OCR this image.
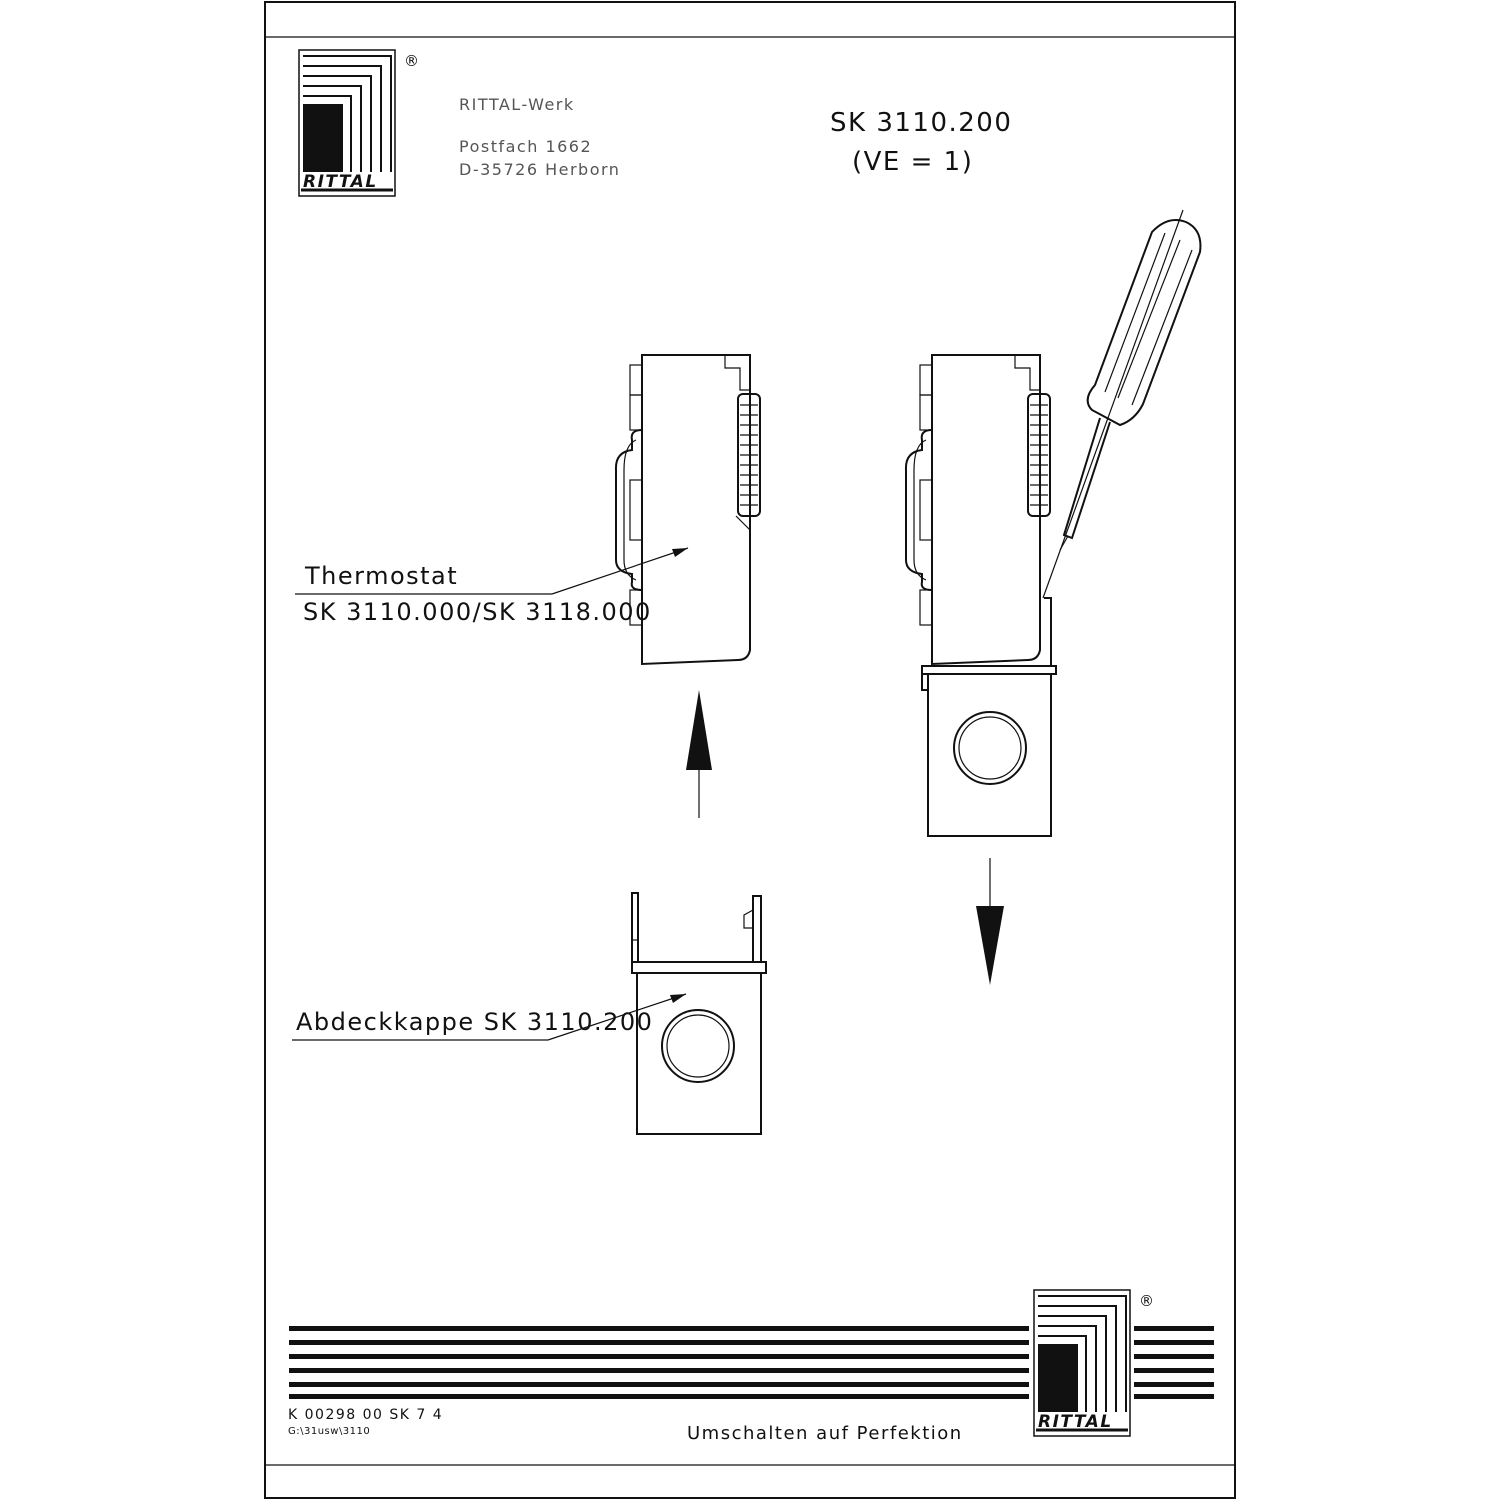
RITTAL
®
RITTAL-Werk
Postfach 1662
D-35726 Herborn
SK 3110.200
(VE = 1)
Thermostat
SK 3110.000/SK 3118.000
Abdeckkappe SK 3110.200
RITTAL
®
K 00298 00 SK 7 4
G:\31usw\3110	Umschalten auf Perfektion
